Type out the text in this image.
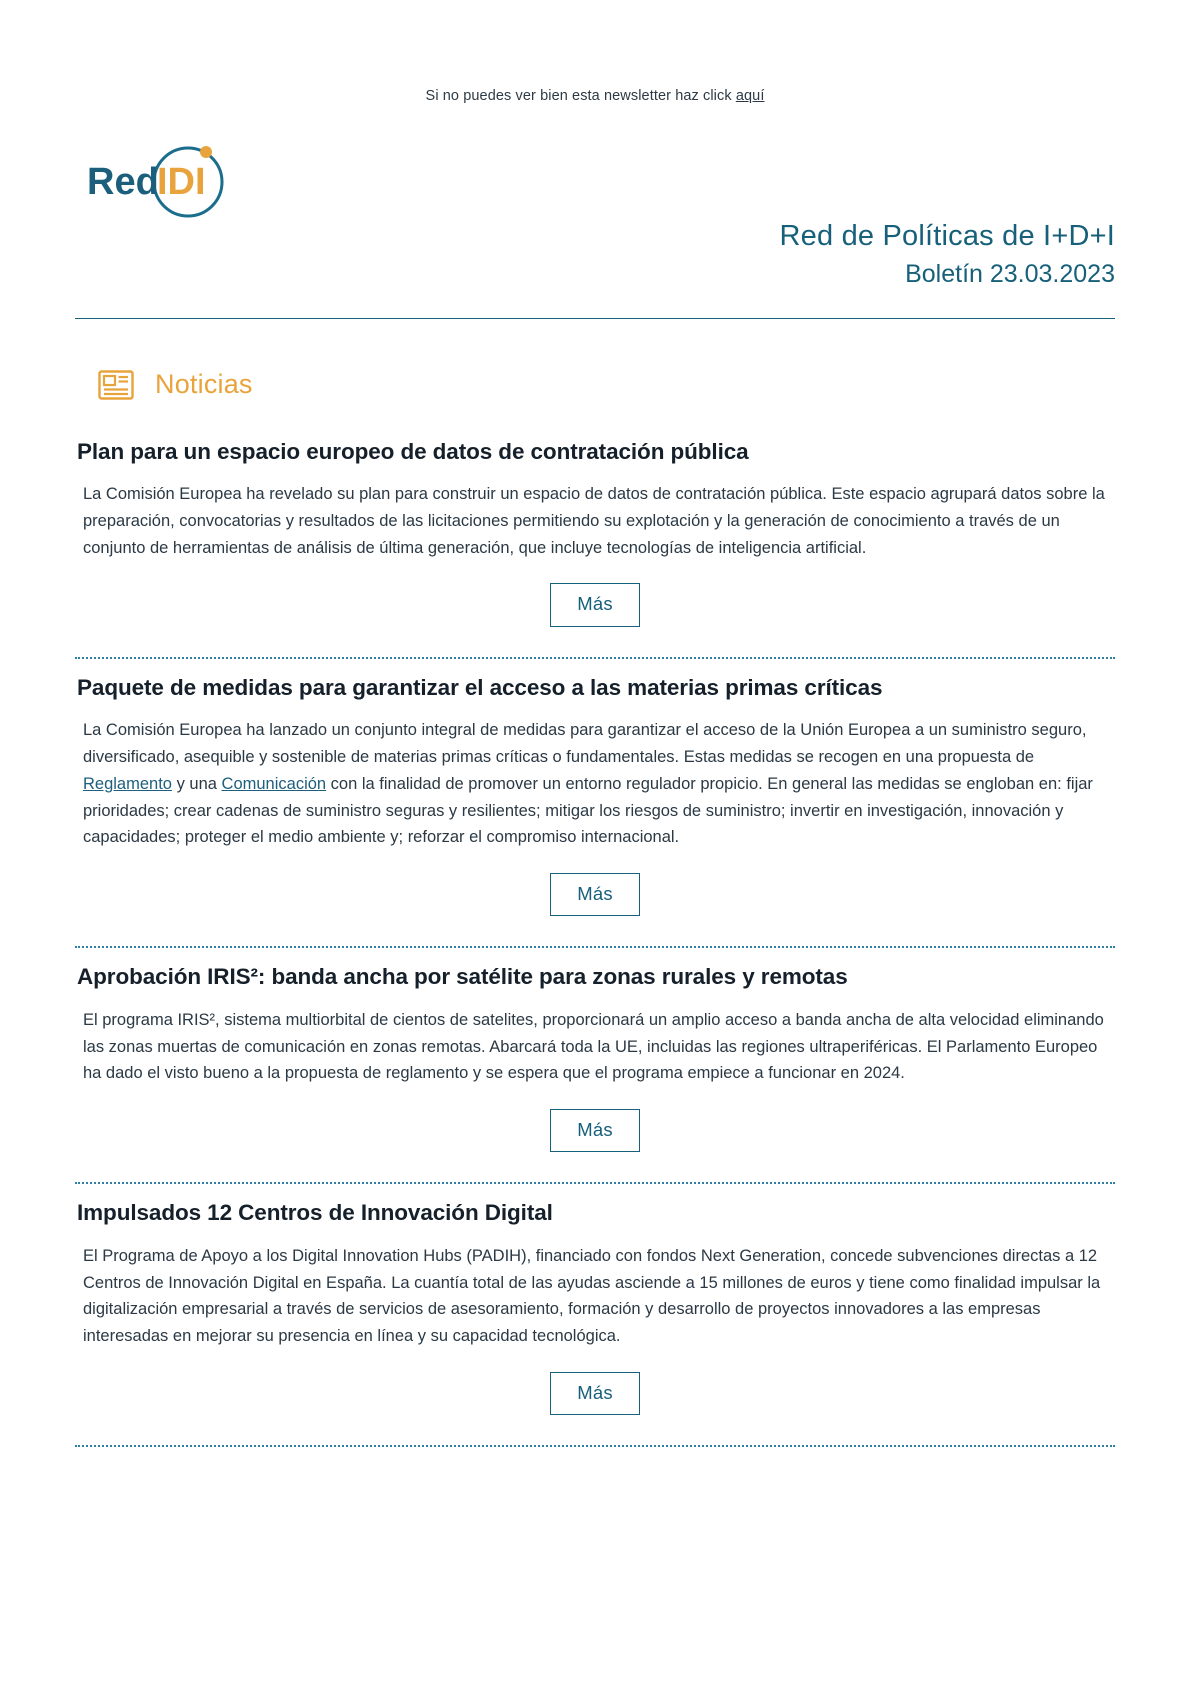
Si no puedes ver bien esta newsletter haz click aquí
Red
IDI
Red de Políticas de I+D+I
Boletín 23.03.2023
Noticias
Plan para un espacio europeo de datos de contratación pública

La Comisión Europea ha revelado su plan para construir un espacio de datos de contratación pública. Este espacio agrupará datos sobre la preparación, convocatorias y resultados de las licitaciones permitiendo su explotación y la generación de conocimiento a través de un conjunto de herramientas de análisis de última generación, que incluye tecnologías de inteligencia artificial.

Más
Paquete de medidas para garantizar el acceso a las materias primas críticas

La Comisión Europea ha lanzado un conjunto integral de medidas para garantizar el acceso de la Unión Europea a un suministro seguro, diversificado, asequible y sostenible de materias primas críticas o fundamentales. Estas medidas se recogen en una propuesta de Reglamento y una Comunicación con la finalidad de promover un entorno regulador propicio. En general las medidas se engloban en: fijar prioridades; crear cadenas de suministro seguras y resilientes; mitigar los riesgos de suministro; invertir en investigación, innovación y capacidades; proteger el medio ambiente y; reforzar el compromiso internacional.

Más
Aprobación IRIS²: banda ancha por satélite para zonas rurales y remotas

El programa IRIS², sistema multiorbital de cientos de satelites, proporcionará un amplio acceso a banda ancha de alta velocidad eliminando las zonas muertas de comunicación en zonas remotas. Abarcará toda la UE, incluidas las regiones ultraperiféricas. El Parlamento Europeo ha dado el visto bueno a la propuesta de reglamento y se espera que el programa empiece a funcionar en 2024.

Más
Impulsados 12 Centros de Innovación Digital

El Programa de Apoyo a los Digital Innovation Hubs (PADIH), financiado con fondos Next Generation, concede subvenciones directas a 12 Centros de Innovación Digital en España. La cuantía total de las ayudas asciende a 15 millones de euros y tiene como finalidad impulsar la digitalización empresarial a través de servicios de asesoramiento, formación y desarrollo de proyectos innovadores a las empresas interesadas en mejorar su presencia en línea y su capacidad tecnológica.

Más
